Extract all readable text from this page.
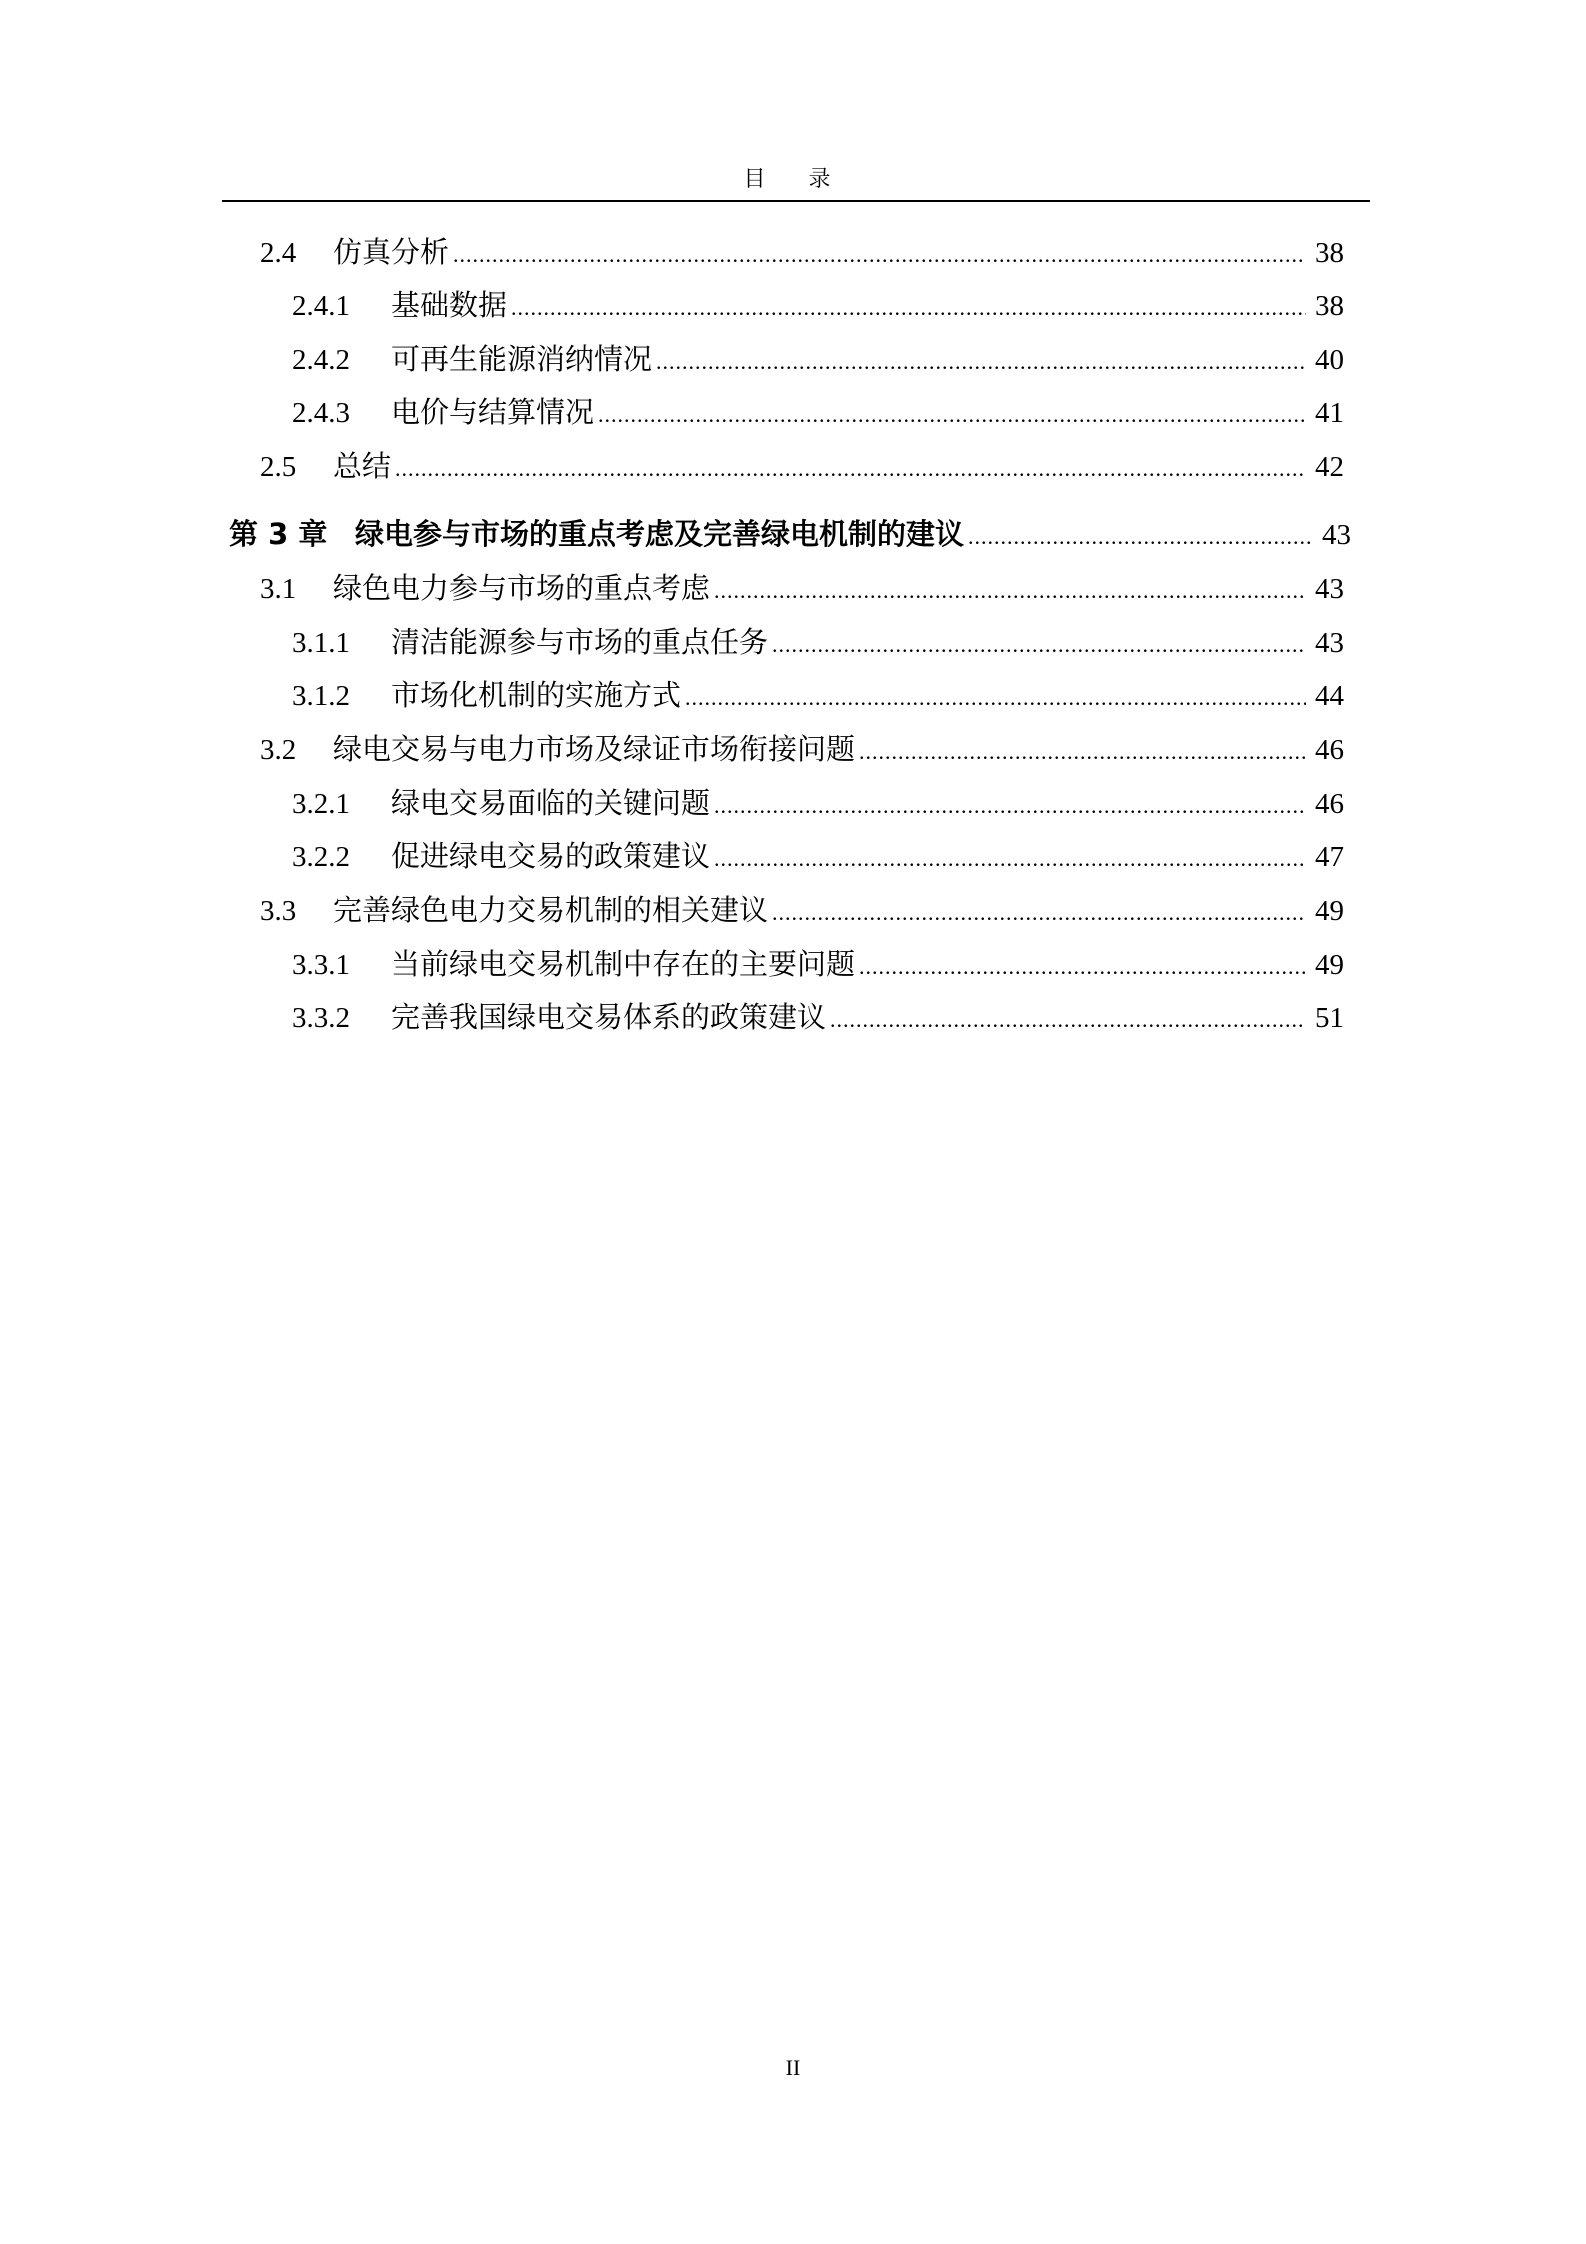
目 录
2.4	仿真分析 .....	38
2.4.1	基础数据 .....	38
2.4.2	可再生能源消纳情况 .....	40
2.4.3	电价与结算情况 .....	41
2.5	总结 .....	42
第 3 章 绿电参与市场的重点考虑及完善绿电机制的建议 .....	43
3.1	绿色电力参与市场的重点考虑 .....	43
3.1.1	清洁能源参与市场的重点任务 .....	43
3.1.2	市场化机制的实施方式 .....	44
3.2	绿电交易与电力市场及绿证市场衔接问题 .....	46
3.2.1	绿电交易面临的关键问题 .....	46
3.2.2	促进绿电交易的政策建议 .....	47
3.3	完善绿色电力交易机制的相关建议 .....	49
3.3.1	当前绿电交易机制中存在的主要问题 .....	49
3.3.2	完善我国绿电交易体系的政策建议 .....	51
II
